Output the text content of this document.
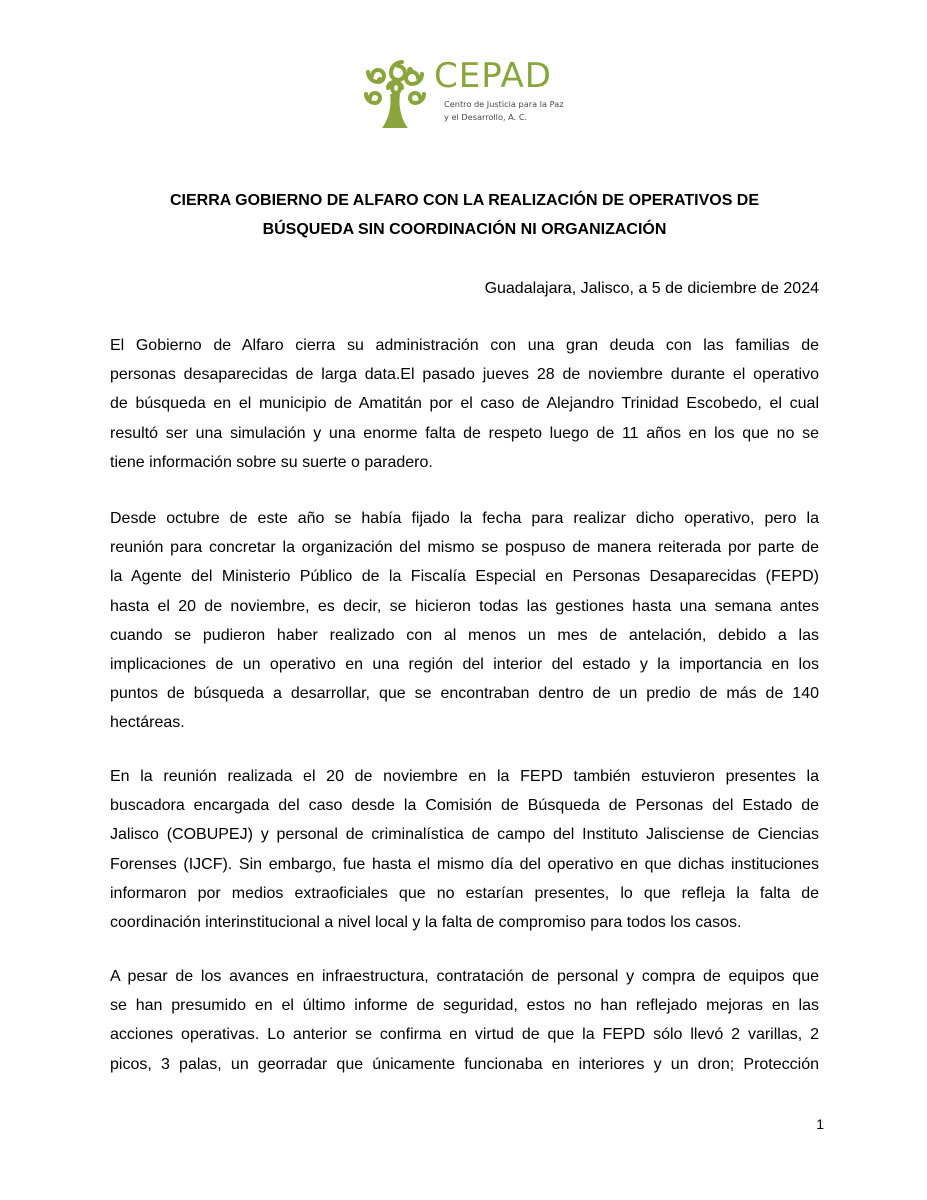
CEPAD
Centro de Justicia para la Paz
y el Desarrollo, A. C.
CIERRA GOBIERNO DE ALFARO CON LA REALIZACIÓN DE OPERATIVOS DE
BÚSQUEDA SIN COORDINACIÓN NI ORGANIZACIÓN
Guadalajara, Jalisco, a 5 de diciembre de 2024
El Gobierno de Alfaro cierra su administración con una gran deuda con las familias de
personas desaparecidas de larga data.El pasado jueves 28 de noviembre durante el operativo
de búsqueda en el municipio de Amatitán por el caso de Alejandro Trinidad Escobedo, el cual
resultó ser una simulación y una enorme falta de respeto luego de 11 años en los que no se
tiene información sobre su suerte o paradero.
Desde octubre de este año se había fijado la fecha para realizar dicho operativo, pero la
reunión para concretar la organización del mismo se pospuso de manera reiterada por parte de
la Agente del Ministerio Público de la Fiscalía Especial en Personas Desaparecidas (FEPD)
hasta el 20 de noviembre, es decir, se hicieron todas las gestiones hasta una semana antes
cuando se pudieron haber realizado con al menos un mes de antelación, debido a las
implicaciones de un operativo en una región del interior del estado y la importancia en los
puntos de búsqueda a desarrollar, que se encontraban dentro de un predio de más de 140
hectáreas.
En la reunión realizada el 20 de noviembre en la FEPD también estuvieron presentes la
buscadora encargada del caso desde la Comisión de Búsqueda de Personas del Estado de
Jalisco (COBUPEJ) y personal de criminalística de campo del Instituto Jalisciense de Ciencias
Forenses (IJCF). Sin embargo, fue hasta el mismo día del operativo en que dichas instituciones
informaron por medios extraoficiales que no estarían presentes, lo que refleja la falta de
coordinación interinstitucional a nivel local y la falta de compromiso para todos los casos.
A pesar de los avances en infraestructura, contratación de personal y compra de equipos que
se han presumido en el último informe de seguridad, estos no han reflejado mejoras en las
acciones operativas. Lo anterior se confirma en virtud de que la FEPD sólo llevó 2 varillas, 2
picos, 3 palas, un georradar que únicamente funcionaba en interiores y un dron; Protección
1
